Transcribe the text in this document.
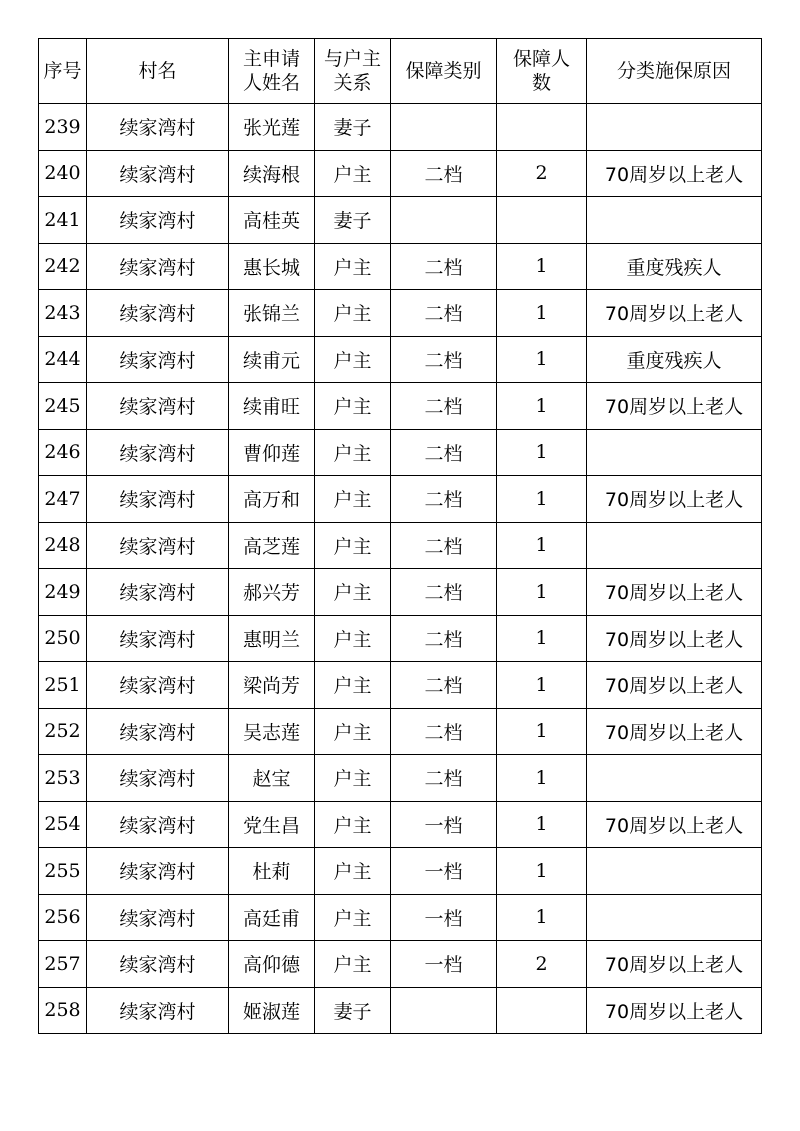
序号	村名	主申请人姓名	与户主关系	保障类别	保障人数	分类施保原因
239	续家湾村	张光莲	妻子			
240	续家湾村	续海根	户主	二档	2	70周岁以上老人
241	续家湾村	高桂英	妻子			
242	续家湾村	惠长城	户主	二档	1	重度残疾人
243	续家湾村	张锦兰	户主	二档	1	70周岁以上老人
244	续家湾村	续甫元	户主	二档	1	重度残疾人
245	续家湾村	续甫旺	户主	二档	1	70周岁以上老人
246	续家湾村	曹仰莲	户主	二档	1	
247	续家湾村	高万和	户主	二档	1	70周岁以上老人
248	续家湾村	高芝莲	户主	二档	1	
249	续家湾村	郝兴芳	户主	二档	1	70周岁以上老人
250	续家湾村	惠明兰	户主	二档	1	70周岁以上老人
251	续家湾村	梁尚芳	户主	二档	1	70周岁以上老人
252	续家湾村	吴志莲	户主	二档	1	70周岁以上老人
253	续家湾村	赵宝	户主	二档	1	
254	续家湾村	党生昌	户主	一档	1	70周岁以上老人
255	续家湾村	杜莉	户主	一档	1	
256	续家湾村	高廷甫	户主	一档	1	
257	续家湾村	高仰德	户主	一档	2	70周岁以上老人
258	续家湾村	姬淑莲	妻子			70周岁以上老人
